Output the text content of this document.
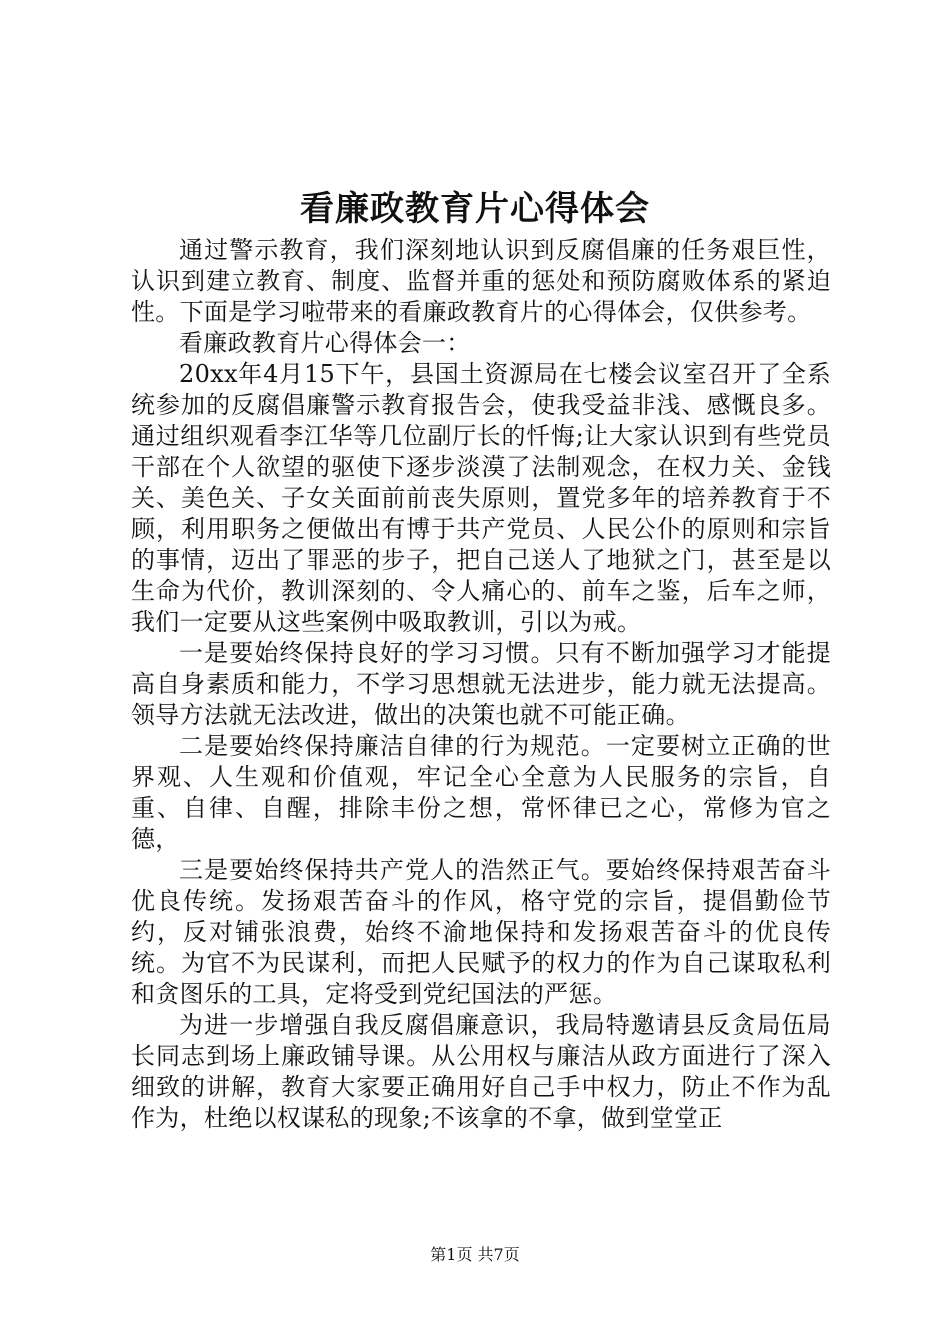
看廉政教育片心得体会

通过警示教育，我们深刻地认识到反腐倡廉的任务艰巨性，认识到建立教育、制度、监督并重的惩处和预防腐败体系的紧迫性。下面是学习啦带来的看廉政教育片的心得体会，仅供参考。

看廉政教育片心得体会一：

20xx年4月15下午，县国土资源局在七楼会议室召开了全系统参加的反腐倡廉警示教育报告会，使我受益非浅、感慨良多。通过组织观看李江华等几位副厅长的忏悔;让大家认识到有些党员干部在个人欲望的驱使下逐步淡漠了法制观念，在权力关、金钱关、美色关、子女关面前前丧失原则，置党多年的培养教育于不顾，利用职务之便做出有博于共产党员、人民公仆的原则和宗旨的事情，迈出了罪恶的步子，把自己送人了地狱之门，甚至是以生命为代价，教训深刻的、令人痛心的、前车之鉴，后车之师，我们一定要从这些案例中吸取教训，引以为戒。

一是要始终保持良好的学习习惯。只有不断加强学习才能提高自身素质和能力，不学习思想就无法进步，能力就无法提高。领导方法就无法改进，做出的决策也就不可能正确。

二是要始终保持廉洁自律的行为规范。一定要树立正确的世界观、人生观和价值观，牢记全心全意为人民服务的宗旨，自重、自律、自醒，排除丰份之想，常怀律已之心，常修为官之德，

三是要始终保持共产党人的浩然正气。要始终保持艰苦奋斗优良传统。发扬艰苦奋斗的作风，格守党的宗旨，提倡勤俭节约，反对铺张浪费，始终不渝地保持和发扬艰苦奋斗的优良传统。为官不为民谋利，而把人民赋予的权力的作为自己谋取私利和贪图乐的工具，定将受到党纪国法的严惩。

为进一步增强自我反腐倡廉意识，我局特邀请县反贪局伍局长同志到场上廉政铺导课。从公用权与廉洁从政方面进行了深入细致的讲解，教育大家要正确用好自己手中权力，防止不作为乱作为，杜绝以权谋私的现象;不该拿的不拿，做到堂堂正

第1页 共7页
